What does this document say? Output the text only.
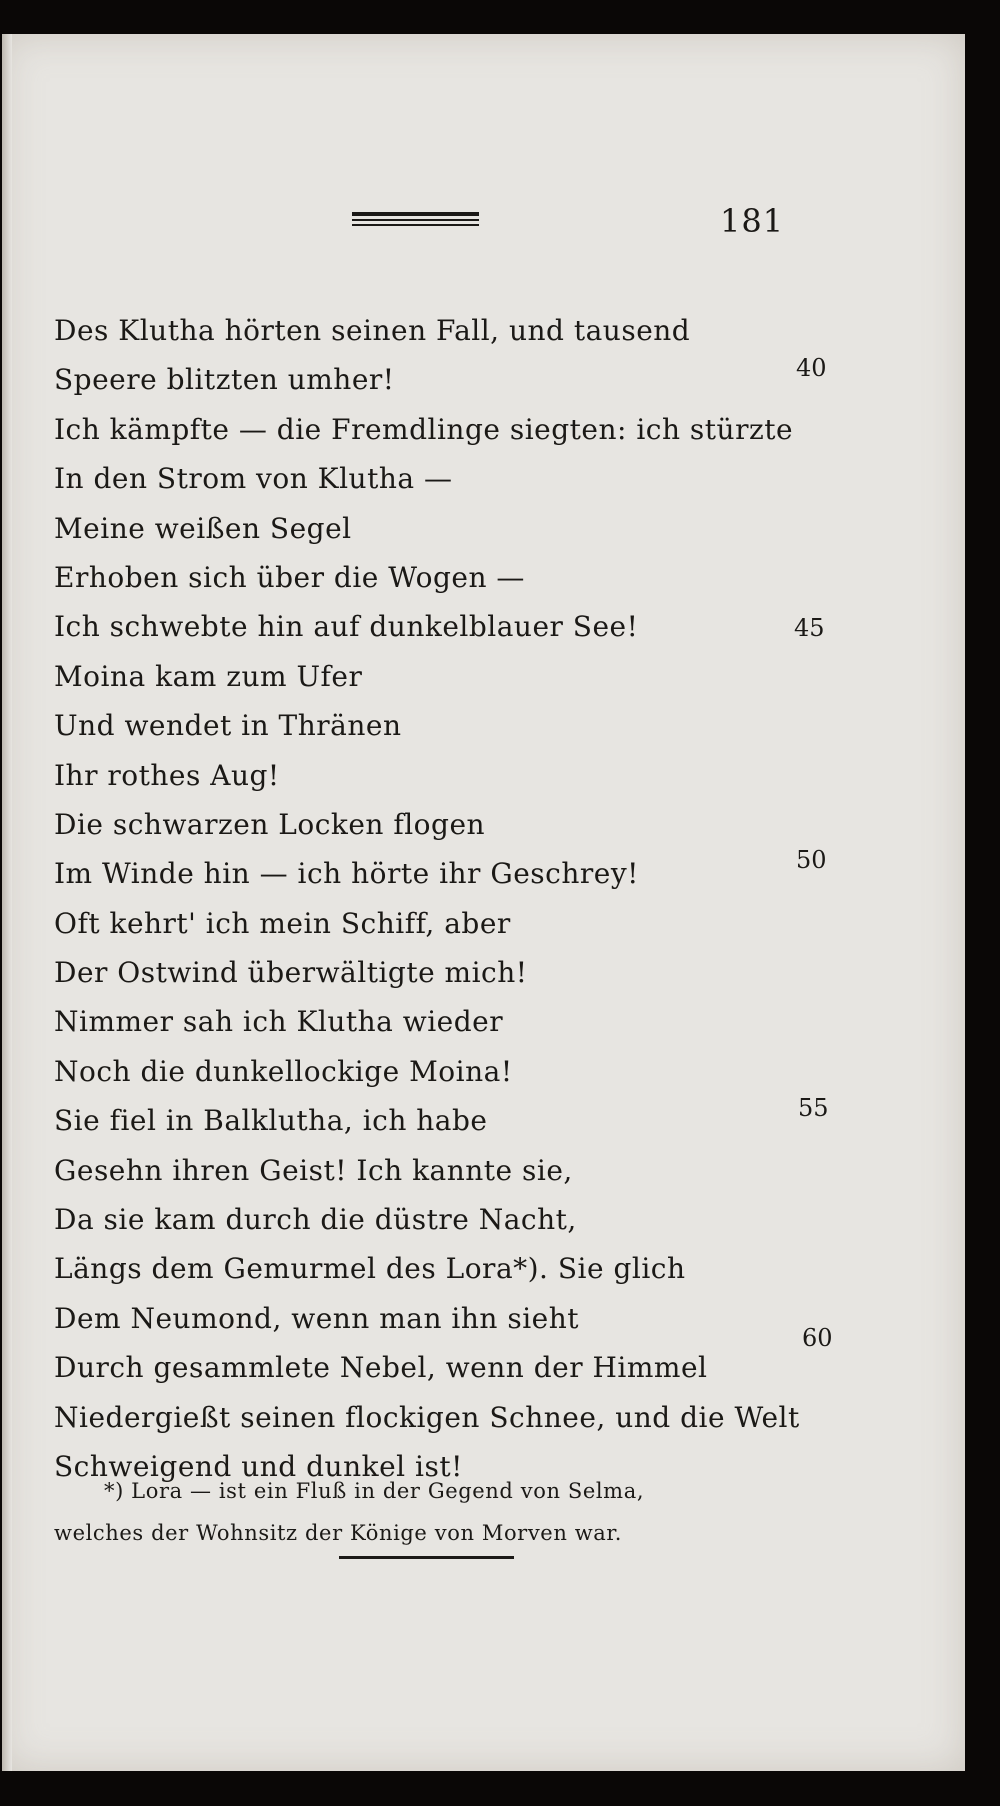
181
Des Klutha hörten seinen Fall, und tausend
Speere blitzten umher!
Ich kämpfte — die Fremdlinge siegten: ich stürzte
In den Strom von Klutha —
Meine weißen Segel
Erhoben sich über die Wogen —
Ich schwebte hin auf dunkelblauer See!
Moina kam zum Ufer
Und wendet in Thränen
Ihr rothes Aug!
Die schwarzen Locken flogen
Im Winde hin — ich hörte ihr Geschrey!
Oft kehrt' ich mein Schiff, aber
Der Ostwind überwältigte mich!
Nimmer sah ich Klutha wieder
Noch die dunkellockige Moina!
Sie fiel in Balklutha, ich habe
Gesehn ihren Geist! Ich kannte sie,
Da sie kam durch die düstre Nacht,
Längs dem Gemurmel des Lora*). Sie glich
Dem Neumond, wenn man ihn sieht
Durch gesammlete Nebel, wenn der Himmel
Niedergießt seinen flockigen Schnee, und die Welt
Schweigend und dunkel ist!
40
45
50
55
60
*) Lora — ist ein Fluß in der Gegend von Selma,
welches der Wohnsitz der Könige von Morven war.
